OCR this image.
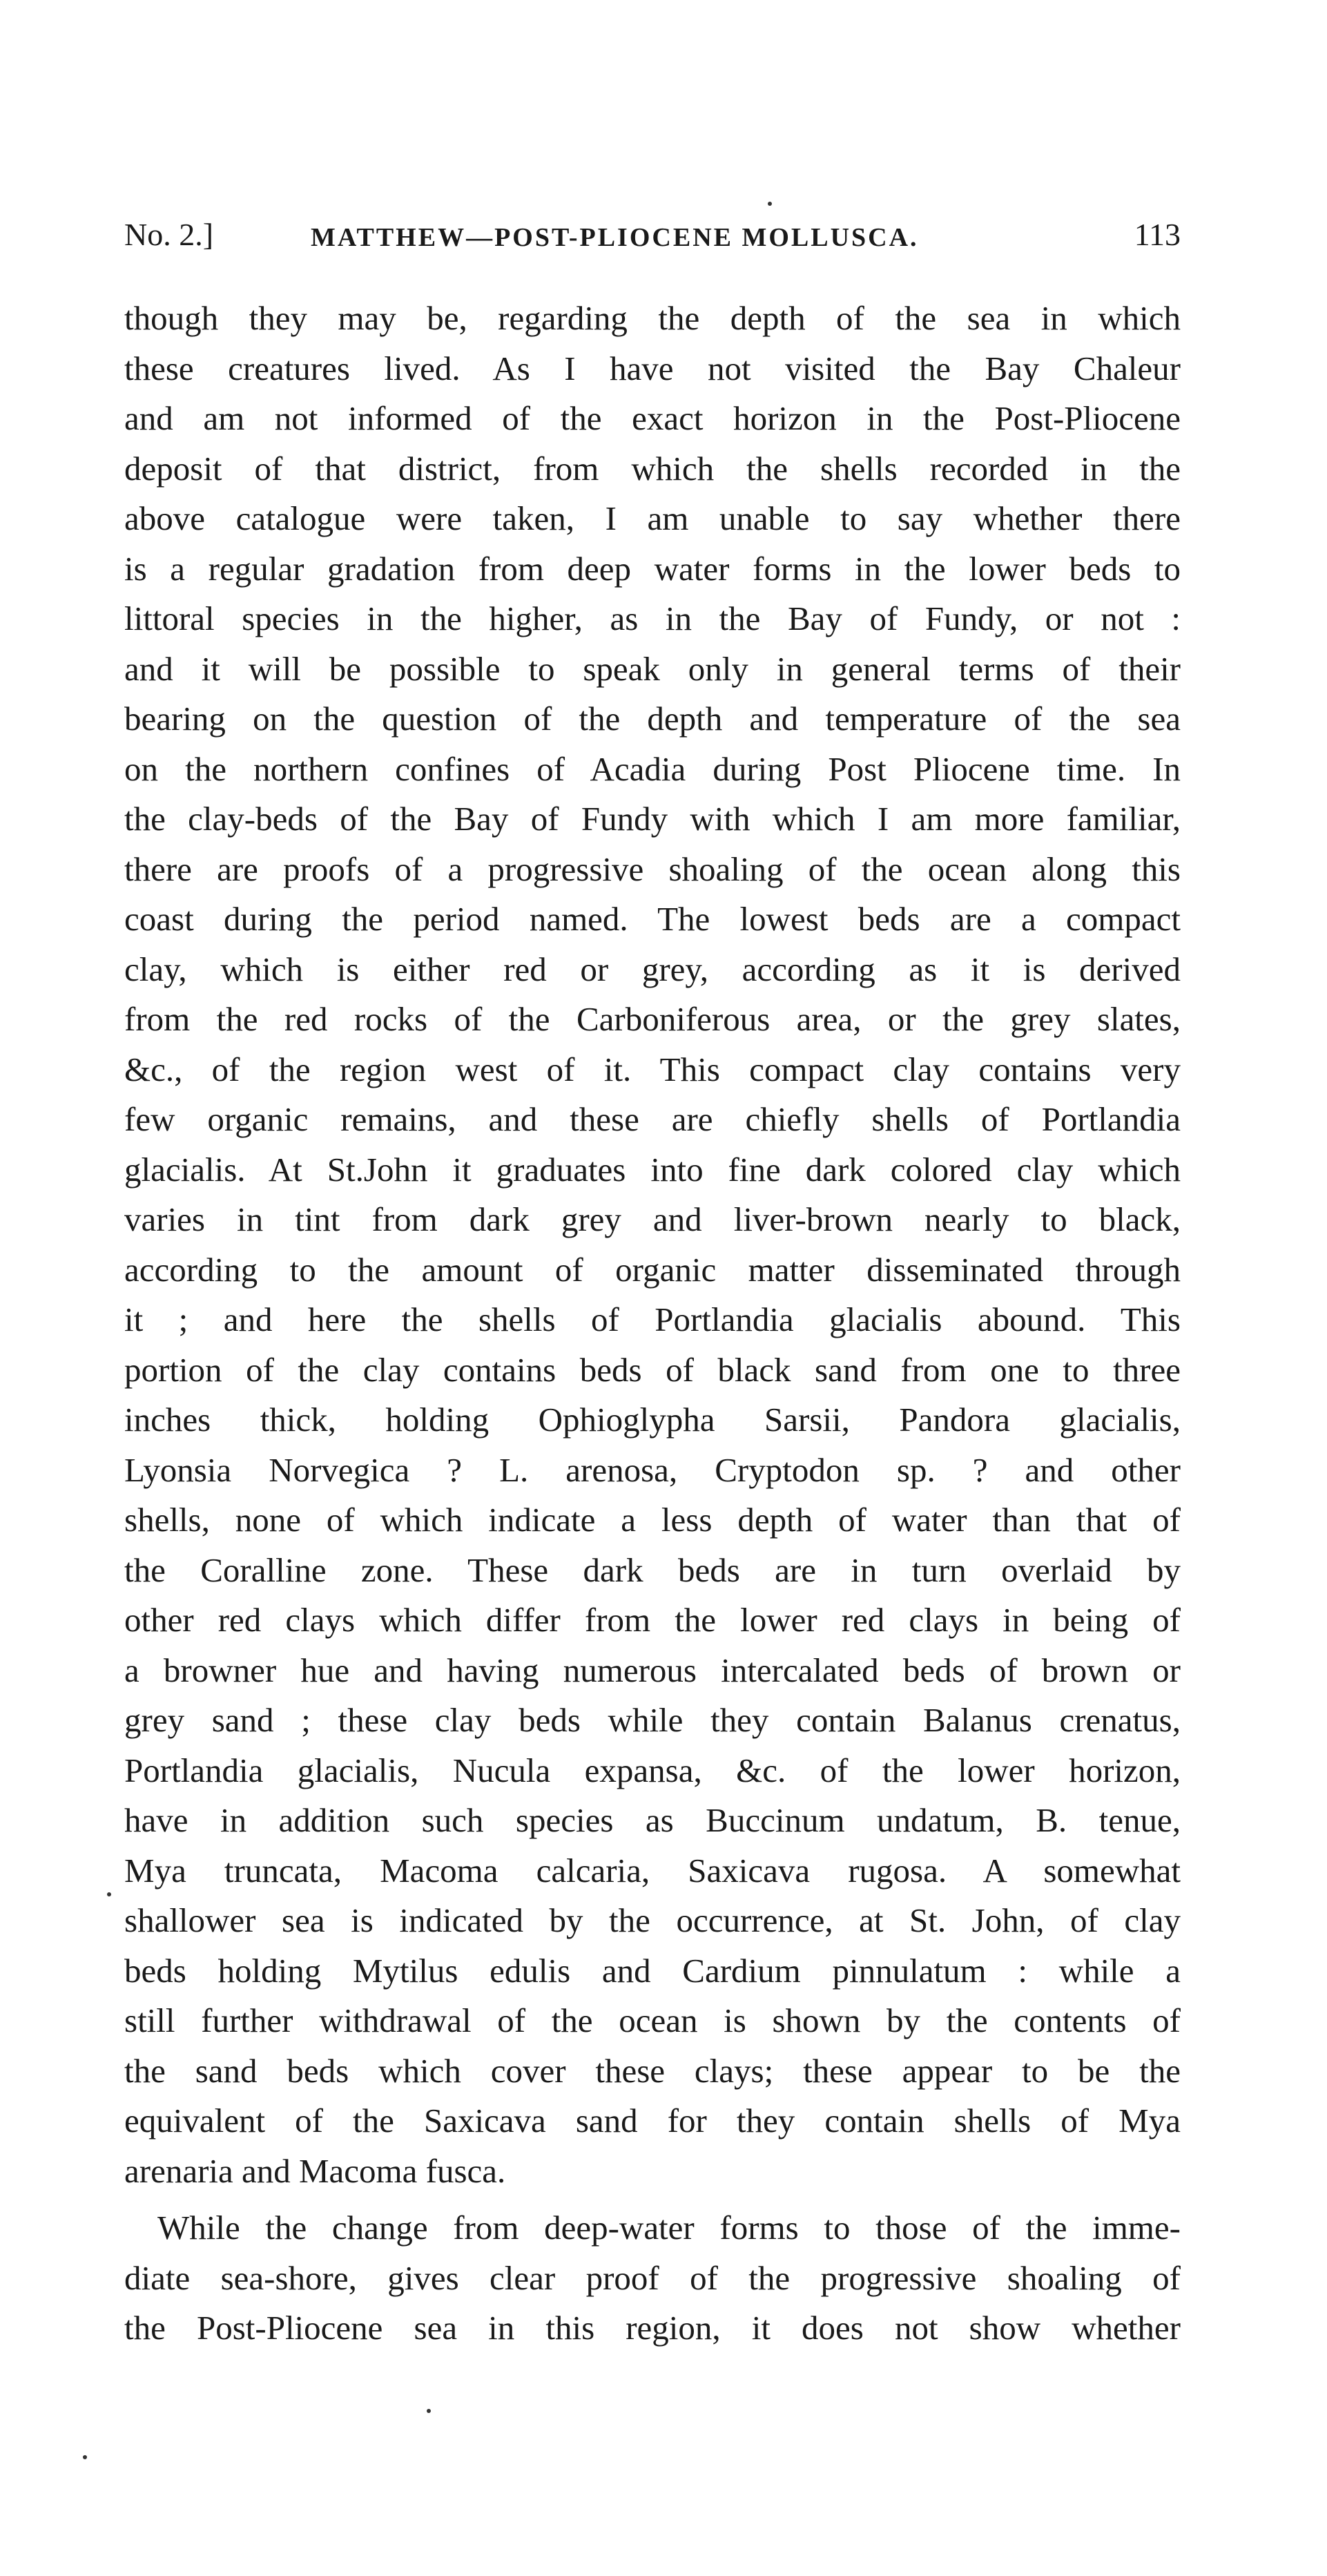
No. 2.]	MATTHEW—POST-PLIOCENE MOLLUSCA.	113
though they may be, regarding the depth of the sea in which
these creatures lived. As I have not visited the Bay Chaleur
and am not informed of the exact horizon in the Post-Pliocene
deposit of that district, from which the shells recorded in the
above catalogue were taken, I am unable to say whether there
is a regular gradation from deep water forms in the lower beds to
littoral species in the higher, as in the Bay of Fundy, or not :
and it will be possible to speak only in general terms of their
bearing on the question of the depth and temperature of the sea
on the northern confines of Acadia during Post Pliocene time. In
the clay-beds of the Bay of Fundy with which I am more familiar,
there are proofs of a progressive shoaling of the ocean along this
coast during the period named. The lowest beds are a compact
clay, which is either red or grey, according as it is derived
from the red rocks of the Carboniferous area, or the grey slates,
&c., of the region west of it. This compact clay contains very
few organic remains, and these are chiefly shells of Portlandia
glacialis. At St.John it graduates into fine dark colored clay which
varies in tint from dark grey and liver-brown nearly to black,
according to the amount of organic matter disseminated through
it ; and here the shells of Portlandia glacialis abound. This
portion of the clay contains beds of black sand from one to three
inches thick, holding Ophioglypha Sarsii, Pandora glacialis,
Lyonsia Norvegica ? L. arenosa, Cryptodon sp. ? and other
shells, none of which indicate a less depth of water than that of
the Coralline zone. These dark beds are in turn overlaid by
other red clays which differ from the lower red clays in being of
a browner hue and having numerous intercalated beds of brown or
grey sand ; these clay beds while they contain Balanus crenatus,
Portlandia glacialis, Nucula expansa, &c. of the lower horizon,
have in addition such species as Buccinum undatum, B. tenue,
Mya truncata, Macoma calcaria, Saxicava rugosa. A somewhat
shallower sea is indicated by the occurrence, at St. John, of clay
beds holding Mytilus edulis and Cardium pinnulatum : while a
still further withdrawal of the ocean is shown by the contents of
the sand beds which cover these clays; these appear to be the
equivalent of the Saxicava sand for they contain shells of Mya
arenaria and Macoma fusca.
While the change from deep-water forms to those of the imme-
diate sea-shore, gives clear proof of the progressive shoaling of
the Post-Pliocene sea in this region, it does not show whether
